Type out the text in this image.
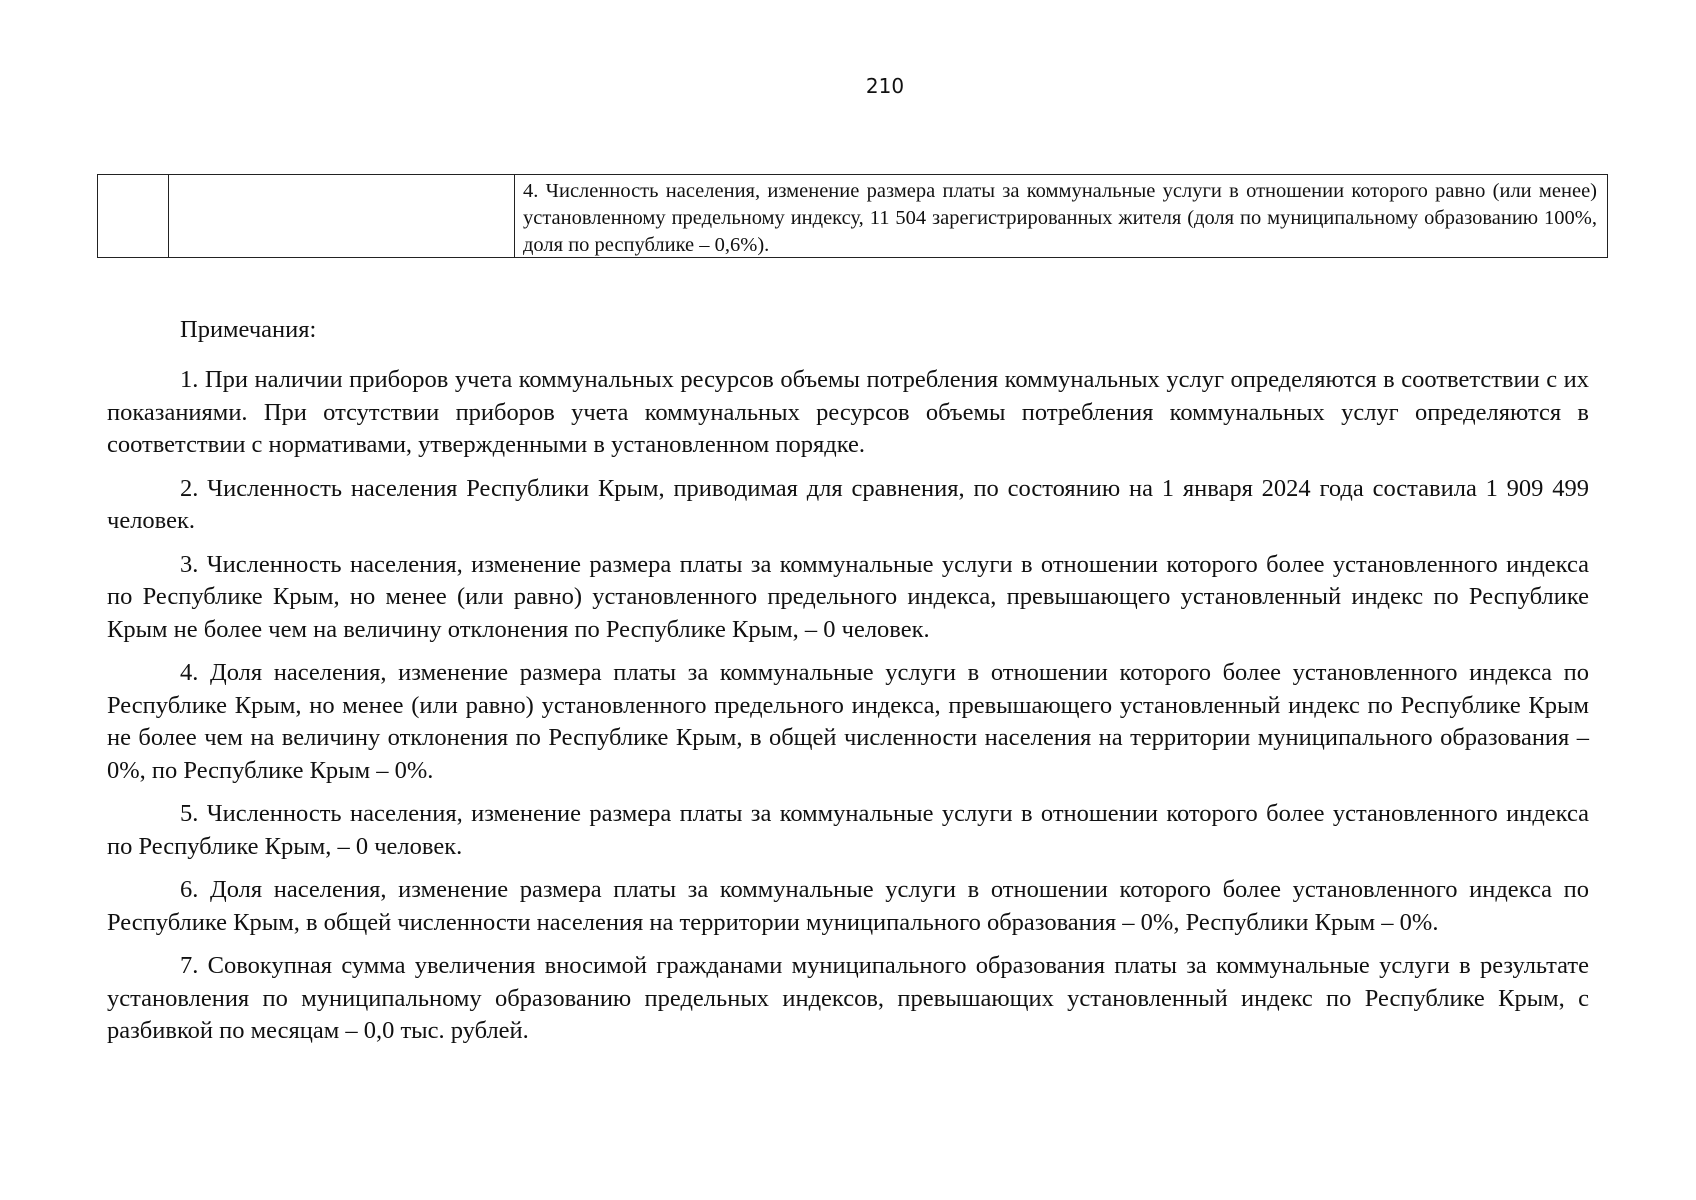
210
4. Численность населения, изменение размера платы за коммунальные услуги в отношении которого равно (или менее) установленному предельному индексу, 11 504 зарегистрированных жителя (доля по муниципальному образованию 100%, доля по республике – 0,6%).

Примечания:

1. При наличии приборов учета коммунальных ресурсов объемы потребления коммунальных услуг определяются в соответствии с их показаниями. При отсутствии приборов учета коммунальных ресурсов объемы потребления коммунальных услуг определяются в соответствии с нормативами, утвержденными в установленном порядке.

2. Численность населения Республики Крым, приводимая для сравнения, по состоянию на 1 января 2024 года составила 1 909 499 человек.

3. Численность населения, изменение размера платы за коммунальные услуги в отношении которого более установленного индекса по Республике Крым, но менее (или равно) установленного предельного индекса, превышающего установленный индекс по Республике Крым не более чем на величину отклонения по Республике Крым, – 0 человек.

4. Доля населения, изменение размера платы за коммунальные услуги в отношении которого более установленного индекса по Республике Крым, но менее (или равно) установленного предельного индекса, превышающего установленный индекс по Республике Крым не более чем на величину отклонения по Республике Крым, в общей численности населения на территории муниципального образования – 0%, по Республике Крым – 0%.

5. Численность населения, изменение размера платы за коммунальные услуги в отношении которого более установленного индекса по Республике Крым, – 0 человек.

6. Доля населения, изменение размера платы за коммунальные услуги в отношении которого более установленного индекса по Республике Крым, в общей численности населения на территории муниципального образования – 0%, Республики Крым – 0%.

7. Совокупная сумма увеличения вносимой гражданами муниципального образования платы за коммунальные услуги в результате установления по муниципальному образованию предельных индексов, превышающих установленный индекс по Республике Крым, с разбивкой по месяцам – 0,0 тыс. рублей.
